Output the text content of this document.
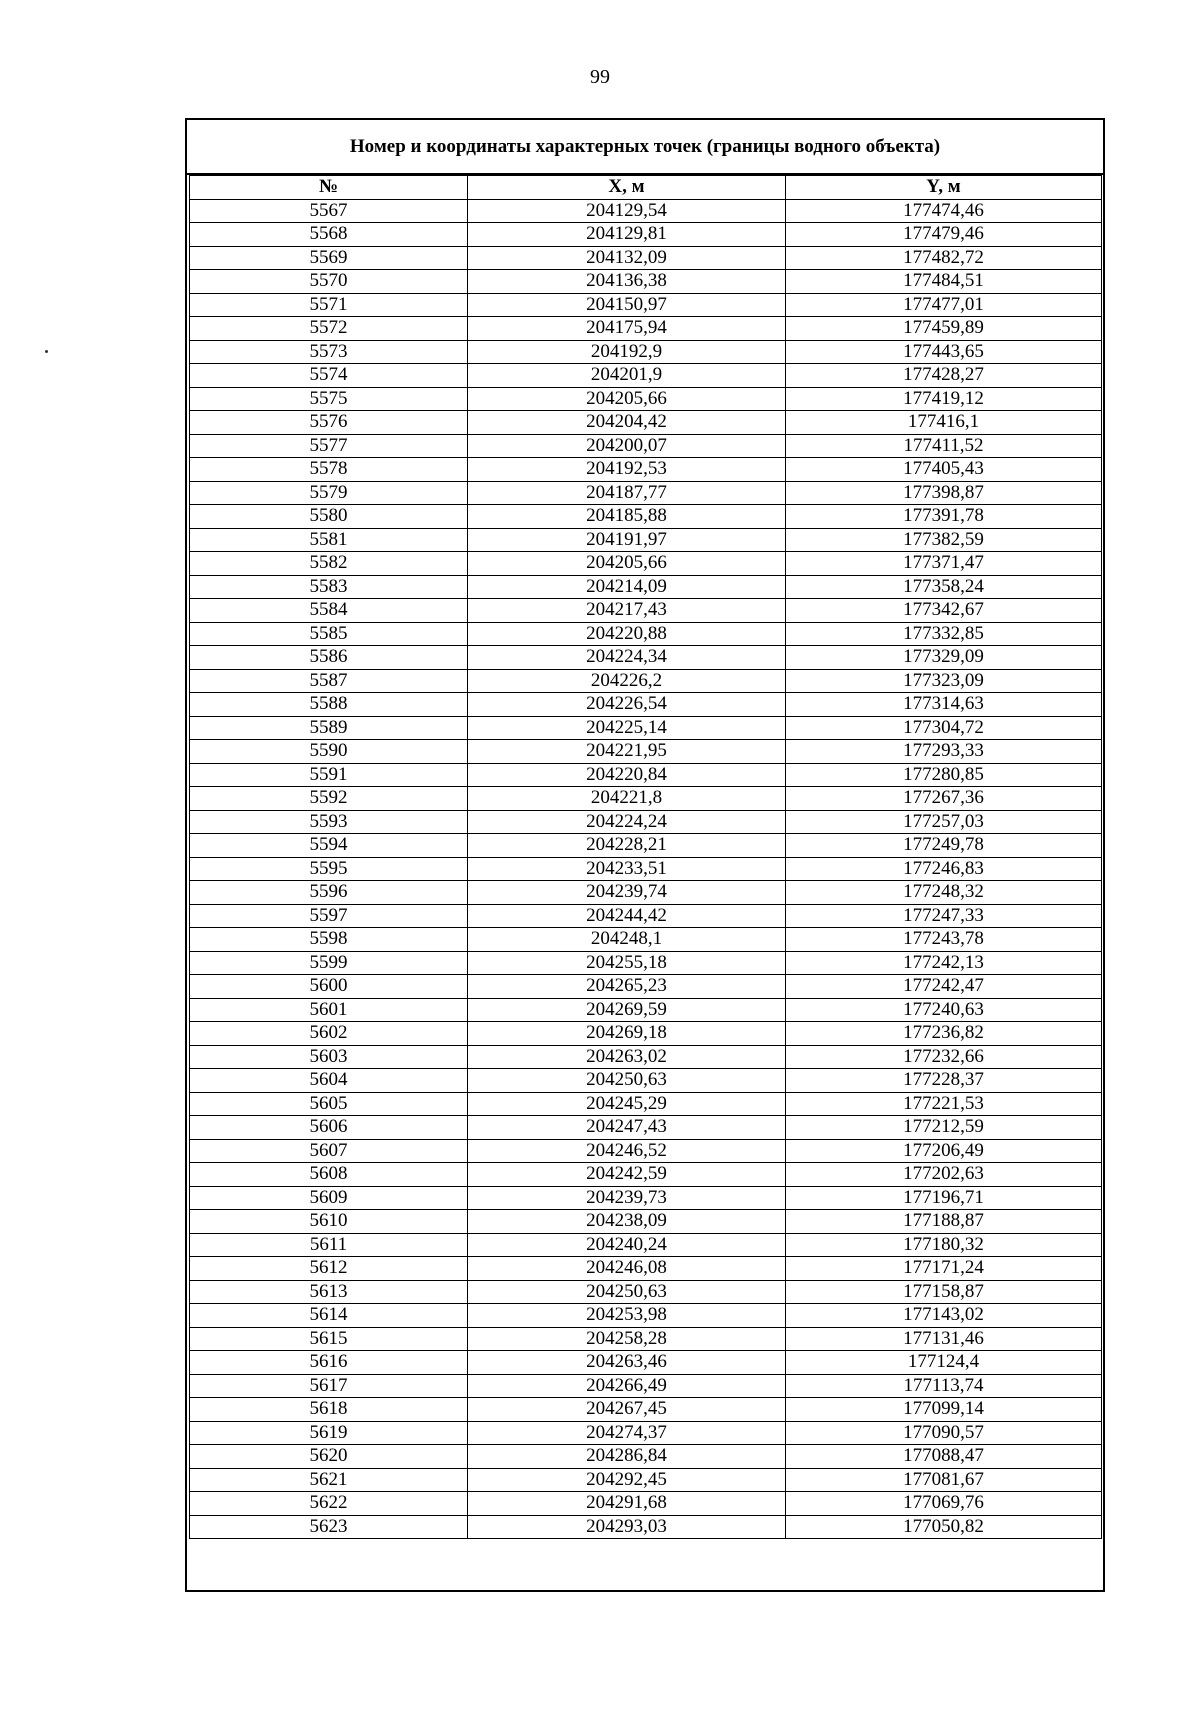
99
Номер и координаты характерных точек (границы водного объекта)
№	X, м	Y, м
5567	204129,54	177474,46
5568	204129,81	177479,46
5569	204132,09	177482,72
5570	204136,38	177484,51
5571	204150,97	177477,01
5572	204175,94	177459,89
5573	204192,9	177443,65
5574	204201,9	177428,27
5575	204205,66	177419,12
5576	204204,42	177416,1
5577	204200,07	177411,52
5578	204192,53	177405,43
5579	204187,77	177398,87
5580	204185,88	177391,78
5581	204191,97	177382,59
5582	204205,66	177371,47
5583	204214,09	177358,24
5584	204217,43	177342,67
5585	204220,88	177332,85
5586	204224,34	177329,09
5587	204226,2	177323,09
5588	204226,54	177314,63
5589	204225,14	177304,72
5590	204221,95	177293,33
5591	204220,84	177280,85
5592	204221,8	177267,36
5593	204224,24	177257,03
5594	204228,21	177249,78
5595	204233,51	177246,83
5596	204239,74	177248,32
5597	204244,42	177247,33
5598	204248,1	177243,78
5599	204255,18	177242,13
5600	204265,23	177242,47
5601	204269,59	177240,63
5602	204269,18	177236,82
5603	204263,02	177232,66
5604	204250,63	177228,37
5605	204245,29	177221,53
5606	204247,43	177212,59
5607	204246,52	177206,49
5608	204242,59	177202,63
5609	204239,73	177196,71
5610	204238,09	177188,87
5611	204240,24	177180,32
5612	204246,08	177171,24
5613	204250,63	177158,87
5614	204253,98	177143,02
5615	204258,28	177131,46
5616	204263,46	177124,4
5617	204266,49	177113,74
5618	204267,45	177099,14
5619	204274,37	177090,57
5620	204286,84	177088,47
5621	204292,45	177081,67
5622	204291,68	177069,76
5623	204293,03	177050,82
